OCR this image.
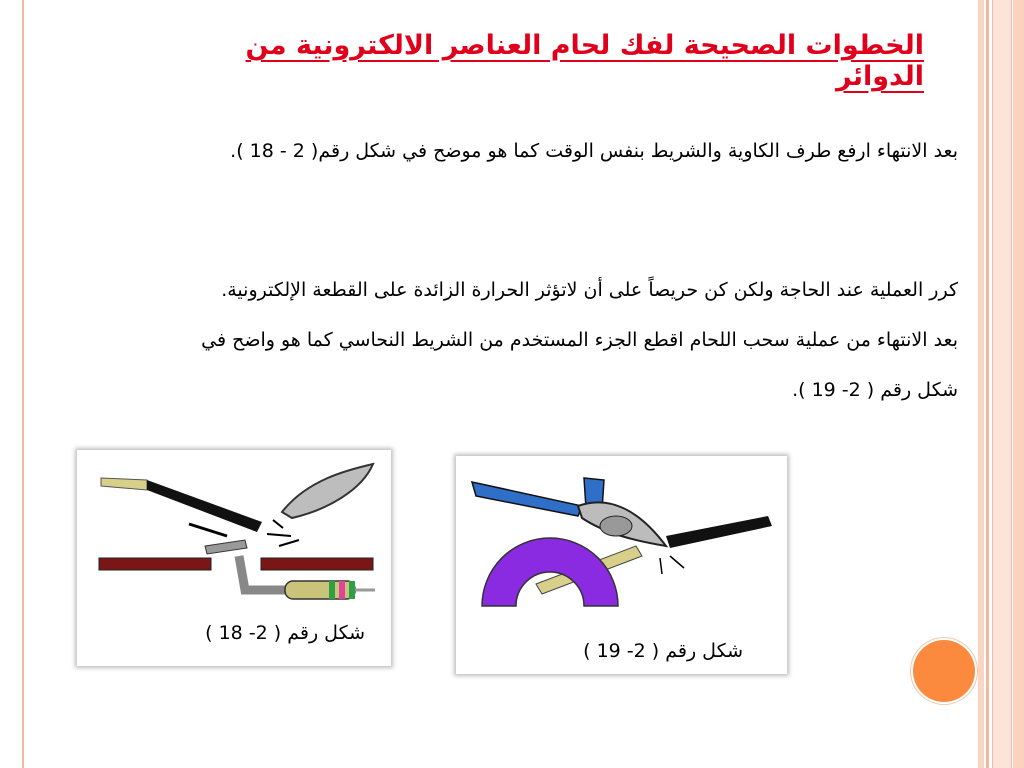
الخطوات الصحيحة لفك لحام العناصر الالكترونية من الدوائر
بعد الانتهاء ارفع طرف الكاوية والشريط بنفس الوقت كما هو موضح في شكل رقم( 2 - 18 ).
كرر العملية عند الحاجة ولكن كن حريصاً على أن لاتؤثر الحرارة الزائدة على القطعة الإلكترونية.
بعد الانتهاء من عملية سحب اللحام اقطع الجزء المستخدم من الشريط النحاسي كما هو واضح في
شكل رقم ( 2- 19 ).
شكل رقم ( 2- 18 )
شكل رقم ( 2- 19 )
